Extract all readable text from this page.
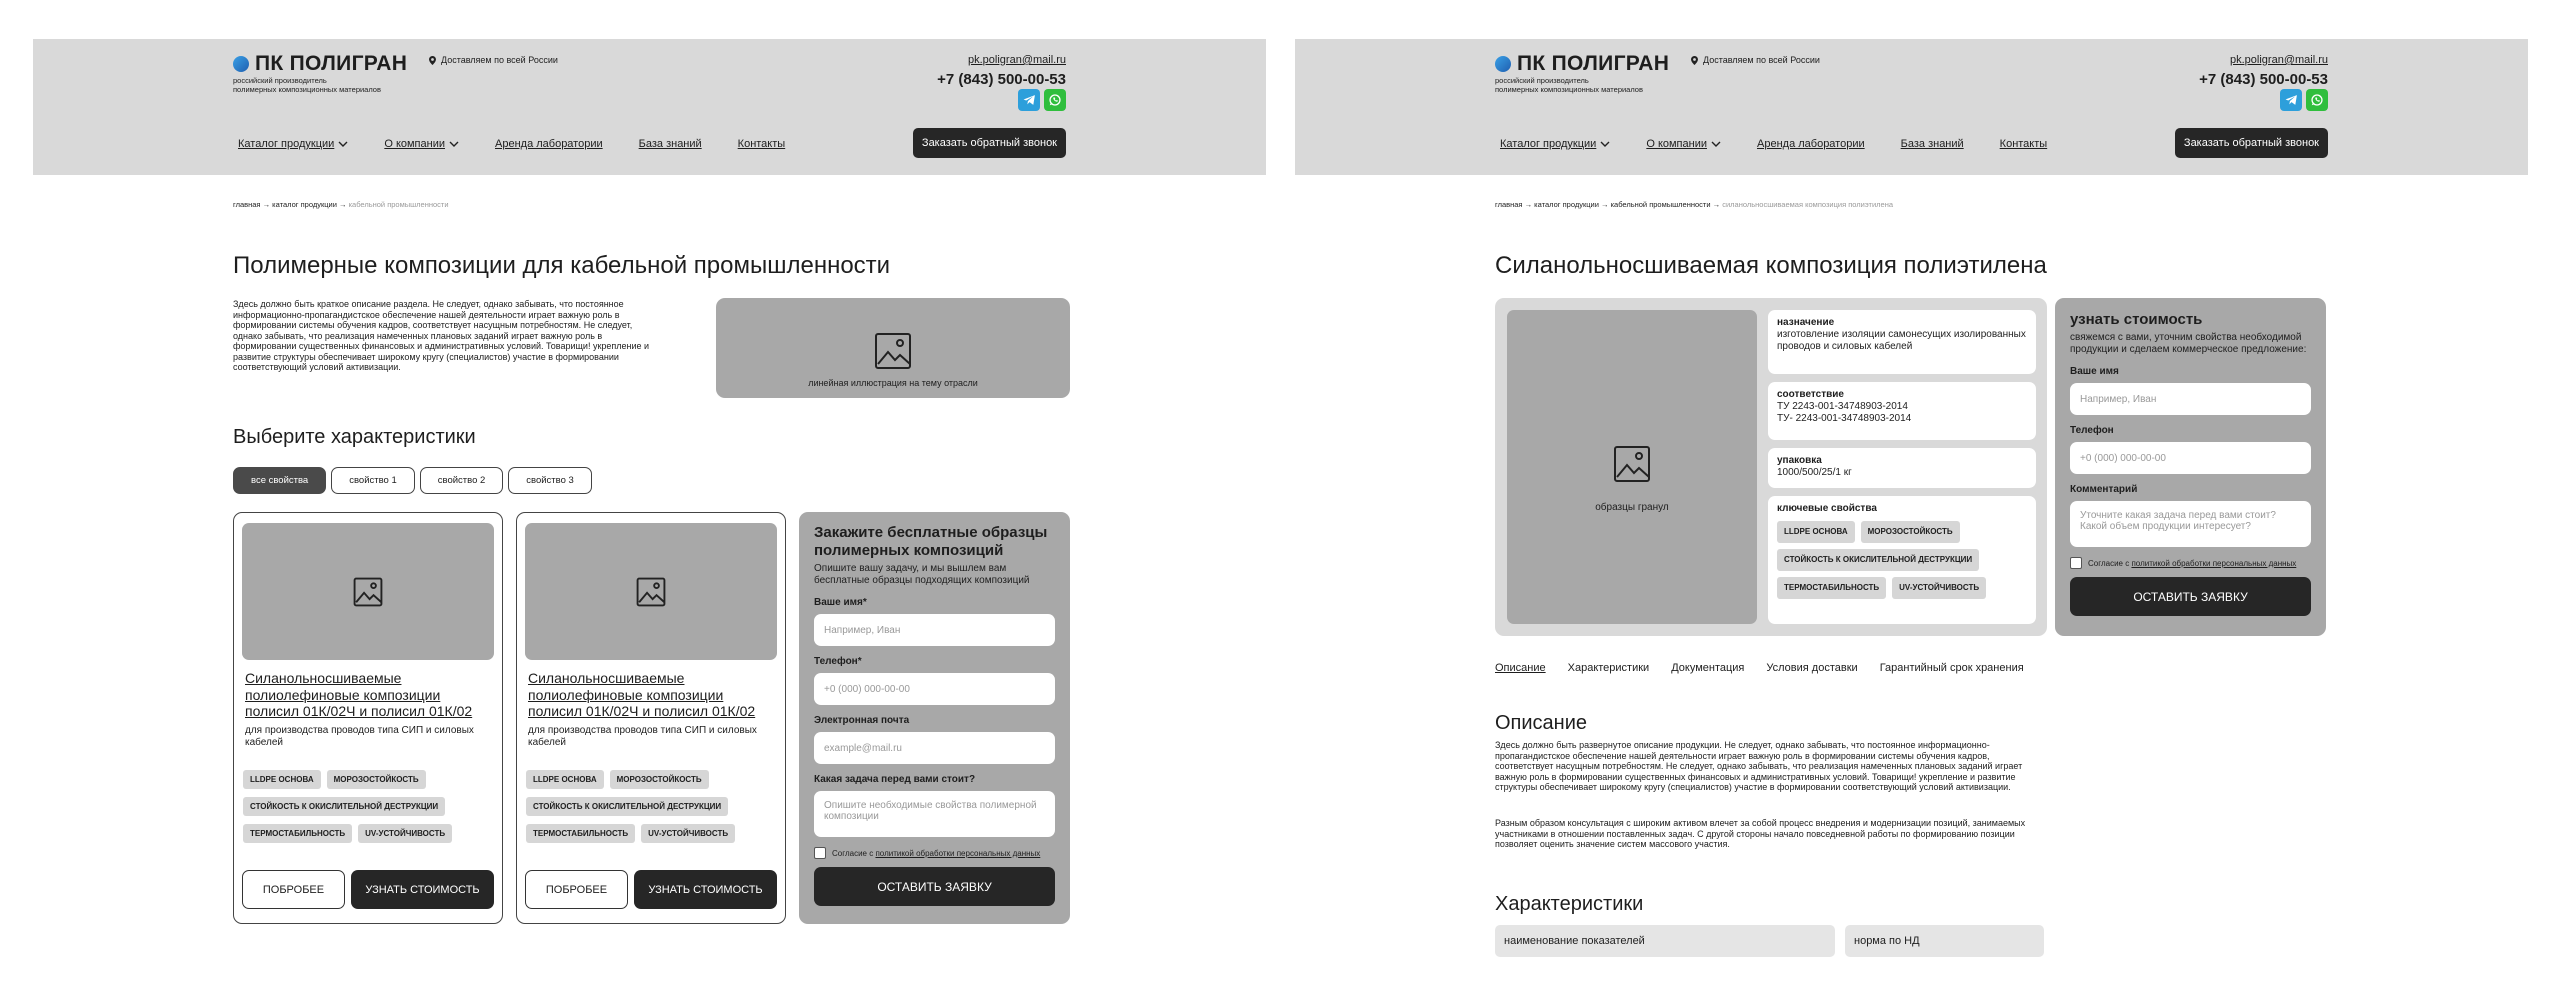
ПК ПОЛИГРАН
российский производитель
полимерных композиционных материалов
Доставляем по всей России	pk.poligran@mail.ru
+7 (843) 500-00-53
Каталог продукции	О компании	Аренда лаборатории	База знаний	Контакты	Заказать обратный звонок
главная → каталог продукции → кабельной промышленности
Полимерные композиции для кабельной промышленности

Здесь должно быть краткое описание раздела. Не следует, однако забывать, что постоянное информационно-пропагандистское обеспечение нашей деятельности играет важную роль в формировании системы обучения кадров, соответствует насущным потребностям. Не следует, однако забывать, что реализация намеченных плановых заданий играет важную роль в формировании существенных финансовых и административных условий. Товарищи! укрепление и развитие структуры обеспечивает широкому кругу (специалистов) участие в формировании соответствующий условий активизации.

линейная иллюстрация на тему отрасли
Выберите характеристики
все свойства	свойство 1	свойство 2	свойство 3
Силанольносшиваемые полиолефиновые композиции полисил 01К/02Ч и полисил 01К/02
для производства проводов типа СИП и силовых кабелей
LLDPE ОСНОВА	МОРОЗОСТОЙКОСТЬ
СТОЙКОСТЬ К ОКИСЛИТЕЛЬНОЙ ДЕСТРУКЦИИ
ТЕРМОСТАБИЛЬНОСТЬ	UV-УСТОЙЧИВОСТЬ
ПОБРОБЕЕ	УЗНАТЬ СТОИМОСТЬ
Силанольносшиваемые полиолефиновые композиции полисил 01К/02Ч и полисил 01К/02
для производства проводов типа СИП и силовых кабелей
LLDPE ОСНОВА	МОРОЗОСТОЙКОСТЬ
СТОЙКОСТЬ К ОКИСЛИТЕЛЬНОЙ ДЕСТРУКЦИИ
ТЕРМОСТАБИЛЬНОСТЬ	UV-УСТОЙЧИВОСТЬ
ПОБРОБЕЕ	УЗНАТЬ СТОИМОСТЬ
Закажите бесплатные образцы полимерных композиций
Опишите вашу задачу, и мы вышлем вам бесплатные образцы подходящих композиций
Ваше имя*
Например, Иван
Телефон*
+0 (000) 000-00-00
Электронная почта
example@mail.ru
Какая задача перед вами стоит?
Опишите необходимые свойства полимерной композиции
Согласие с политикой обработки персональных данных
ОСТАВИТЬ ЗАЯВКУ
ПК ПОЛИГРАН
российский производитель
полимерных композиционных материалов
Доставляем по всей России	pk.poligran@mail.ru
+7 (843) 500-00-53
Каталог продукции	О компании	Аренда лаборатории	База знаний	Контакты	Заказать обратный звонок
главная → каталог продукции → кабельной промышленности → силанольносшиваемая композиция полиэтилена
Силанольносшиваемая композиция полиэтилена
образцы гранул
назначение
изготовление изоляции самонесущих изолированных проводов и силовых кабелей
соответствие
ТУ 2243-001-34748903-2014
ТУ- 2243-001-34748903-2014
упаковка
1000/500/25/1 кг
ключевые свойства
LLDPE ОСНОВА	МОРОЗОСТОЙКОСТЬ
СТОЙКОСТЬ К ОКИСЛИТЕЛЬНОЙ ДЕСТРУКЦИИ
ТЕРМОСТАБИЛЬНОСТЬ	UV-УСТОЙЧИВОСТЬ
узнать стоимость
свяжемся с вами, уточним свойства необходимой продукции и сделаем коммерческое предложение:
Ваше имя
Например, Иван
Телефон
+0 (000) 000-00-00
Комментарий
Уточните какая задача перед вами стоит? Какой объем продукции интересует?
Согласие с политикой обработки персональных данных
ОСТАВИТЬ ЗАЯВКУ
Описание Характеристики Документация Условия доставки Гарантийный срок хранения
Описание

Здесь должно быть развернутое описание продукции. Не следует, однако забывать, что постоянное информационно-пропагандистское обеспечение нашей деятельности играет важную роль в формировании системы обучения кадров, соответствует насущным потребностям. Не следует, однако забывать, что реализация намеченных плановых заданий играет важную роль в формировании существенных финансовых и административных условий. Товарищи! укрепление и развитие структуры обеспечивает широкому кругу (специалистов) участие в формировании соответствующий условий активизации.

Разным образом консультация с широким активом влечет за собой процесс внедрения и модернизации позиций, занимаемых участниками в отношении поставленных задач. С другой стороны начало повседневной работы по формированию позиции позволяет оценить значение систем массового участия.

Характеристики
наименование показателей	норма по НД
